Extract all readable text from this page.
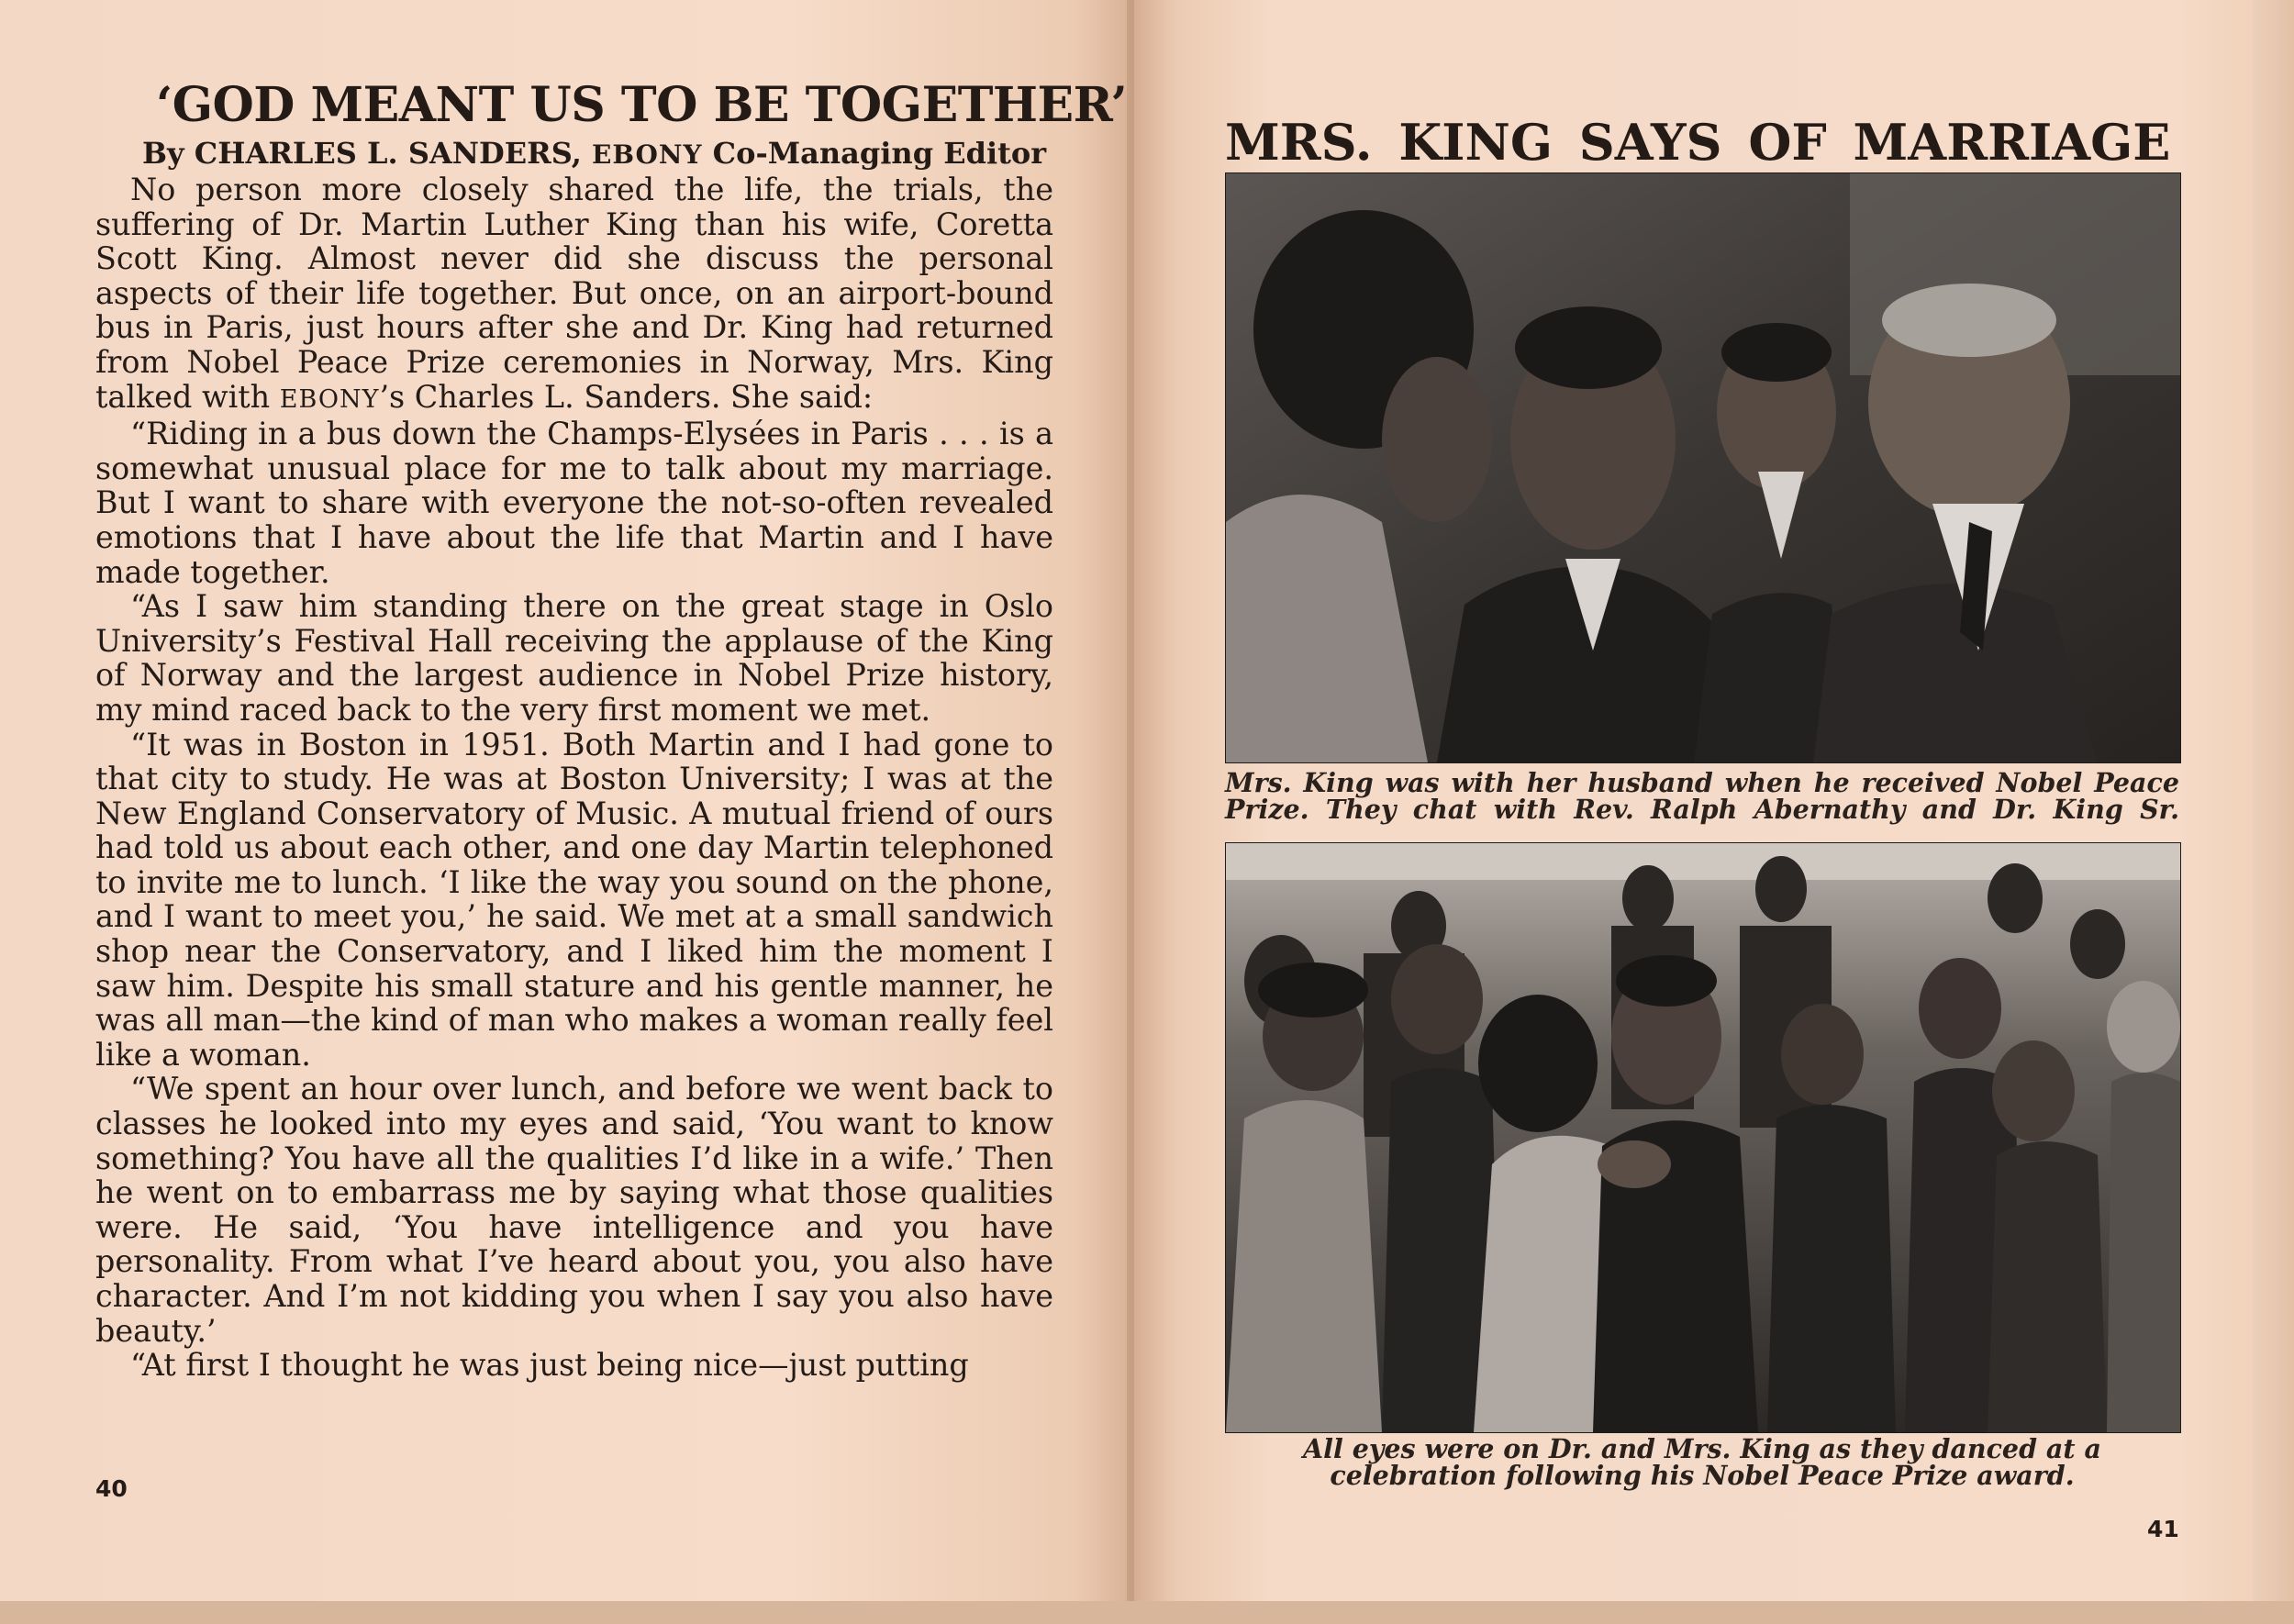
‘GOD MEANT US TO BE TOGETHER’
By CHARLES L. SANDERS, EBONY Co-Managing Editor

No person more closely shared the life, the trials, the suffering of Dr. Martin Luther King than his wife, Coretta Scott King. Almost never did she discuss the personal aspects of their life together. But once, on an airport-bound bus in Paris, just hours after she and Dr. King had returned from Nobel Peace Prize ceremonies in Norway, Mrs. King talked with EBONY’s Charles L. Sanders. She said:

“Riding in a bus down the Champs-Elysées in Paris . . . is a somewhat unusual place for me to talk about my marriage. But I want to share with everyone the not-so-often revealed emotions that I have about the life that Martin and I have made together.

“As I saw him standing there on the great stage in Oslo University’s Festival Hall receiving the applause of the King of Norway and the largest audience in Nobel Prize history, my mind raced back to the very first moment we met.

“It was in Boston in 1951. Both Martin and I had gone to that city to study. He was at Boston University; I was at the New England Conservatory of Music. A mutual friend of ours had told us about each other, and one day Martin telephoned to invite me to lunch. ‘I like the way you sound on the phone, and I want to meet you,’ he said. We met at a small sandwich shop near the Conservatory, and I liked him the moment I saw him. Despite his small stature and his gentle manner, he was all man—the kind of man who makes a woman really feel like a woman.

“We spent an hour over lunch, and before we went back to classes he looked into my eyes and said, ‘You want to know something? You have all the qualities I’d like in a wife.’ Then he went on to embarrass me by saying what those qualities were. He said, ‘You have intelligence and you have personality. From what I’ve heard about you, you also have character. And I’m not kidding you when I say you also have beauty.’

“At first I thought he was just being nice—just putting

40
MRS. KING SAYS OF MARRIAGE
Mrs. King was with her husband when he received Nobel Peace Prize. They chat with Rev. Ralph Abernathy and Dr. King Sr.
All eyes were on Dr. and Mrs. King as they danced at a celebration following his Nobel Peace Prize award.
41
